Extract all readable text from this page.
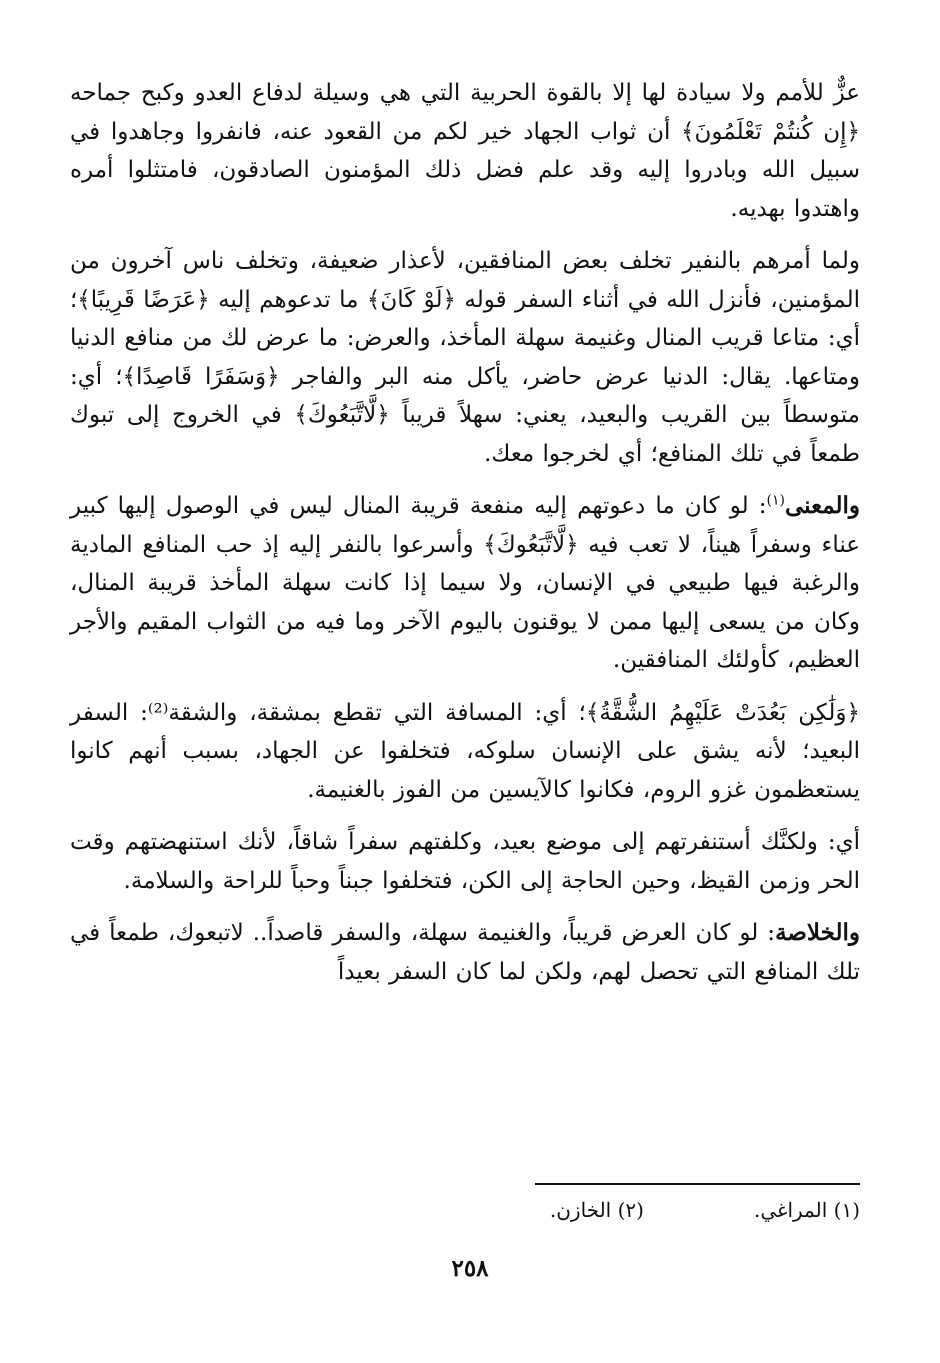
عزٌّ للأمم ولا سيادة لها إلا بالقوة الحربية التي هي وسيلة لدفاع العدو وكبح جماحه ﴿إِن كُنتُمْ تَعْلَمُونَ﴾ أن ثواب الجهاد خير لكم من القعود عنه، فانفروا وجاهدوا في سبيل الله وبادروا إليه وقد علم فضل ذلك المؤمنون الصادقون، فامتثلوا أمره واهتدوا بهديه.

ولما أمرهم بالنفير تخلف بعض المنافقين، لأعذار ضعيفة، وتخلف ناس آخرون من المؤمنين، فأنزل الله في أثناء السفر قوله ﴿لَوْ كَانَ﴾ ما تدعوهم إليه ﴿عَرَضًا قَرِيبًا﴾؛ أي: متاعا قريب المنال وغنيمة سهلة المأخذ، والعرض: ما عرض لك من منافع الدنيا ومتاعها. يقال: الدنيا عرض حاضر، يأكل منه البر والفاجر ﴿وَسَفَرًا قَاصِدًا﴾؛ أي: متوسطاً بين القريب والبعيد، يعني: سهلاً قريباً ﴿لَّاتَّبَعُوكَ﴾ في الخروج إلى تبوك طمعاً في تلك المنافع؛ أي لخرجوا معك.

والمعنى$^{(١)}$: لو كان ما دعوتهم إليه منفعة قريبة المنال ليس في الوصول إليها كبير عناء وسفراً هيناً، لا تعب فيه ﴿لَّاتَّبَعُوكَ﴾ وأسرعوا بالنفر إليه إذ حب المنافع المادية والرغبة فيها طبيعي في الإنسان، ولا سيما إذا كانت سهلة المأخذ قريبة المنال، وكان من يسعى إليها ممن لا يوقنون باليوم الآخر وما فيه من الثواب المقيم والأجر العظيم، كأولئك المنافقين.

﴿وَلَٰكِن بَعُدَتْ عَلَيْهِمُ الشُّقَّةُ﴾؛ أي: المسافة التي تقطع بمشقة، والشقة⁽²⁾: السفر البعيد؛ لأنه يشق على الإنسان سلوكه، فتخلفوا عن الجهاد، بسبب أنهم كانوا يستعظمون غزو الروم، فكانوا كالآيسين من الفوز بالغنيمة.

أي: ولكنَّك أستنفرتهم إلى موضع بعيد، وكلفتهم سفراً شاقاً، لأنك استنهضتهم وقت الحر وزمن القيظ، وحين الحاجة إلى الكن، فتخلفوا جبناً وحباً للراحة والسلامة.

والخلاصة: لو كان العرض قريباً، والغنيمة سهلة، والسفر قاصداً.. لاتبعوك، طمعاً في تلك المنافع التي تحصل لهم، ولكن لما كان السفر بعيداً

(١) المراغي.
(٢) الخازن.
٢٥٨
